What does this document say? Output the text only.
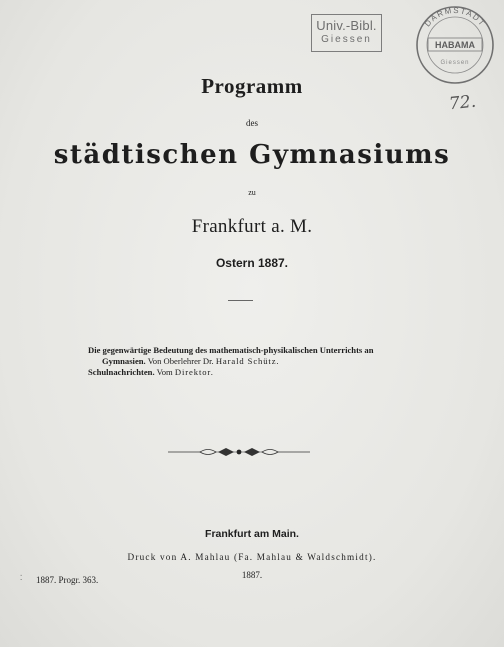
Univ.-Bibl.
Giessen
DARMSTADT
HABAMA
Giessen
72.
Programm
des
städtischen Gymnasiums
zu
Frankfurt a. M.
Ostern 1887.
Die gegenwärtige Bedeutung des mathematisch-physikalischen Unterrichts an
Gymnasien. Von Oberlehrer Dr. Harald Schütz.
Schulnachrichten. Vom Direktor.
Frankfurt am Main.
Druck von A. Mahlau (Fa. Mahlau & Waldschmidt).
1887.
⁚ 1887. Progr. 363.
